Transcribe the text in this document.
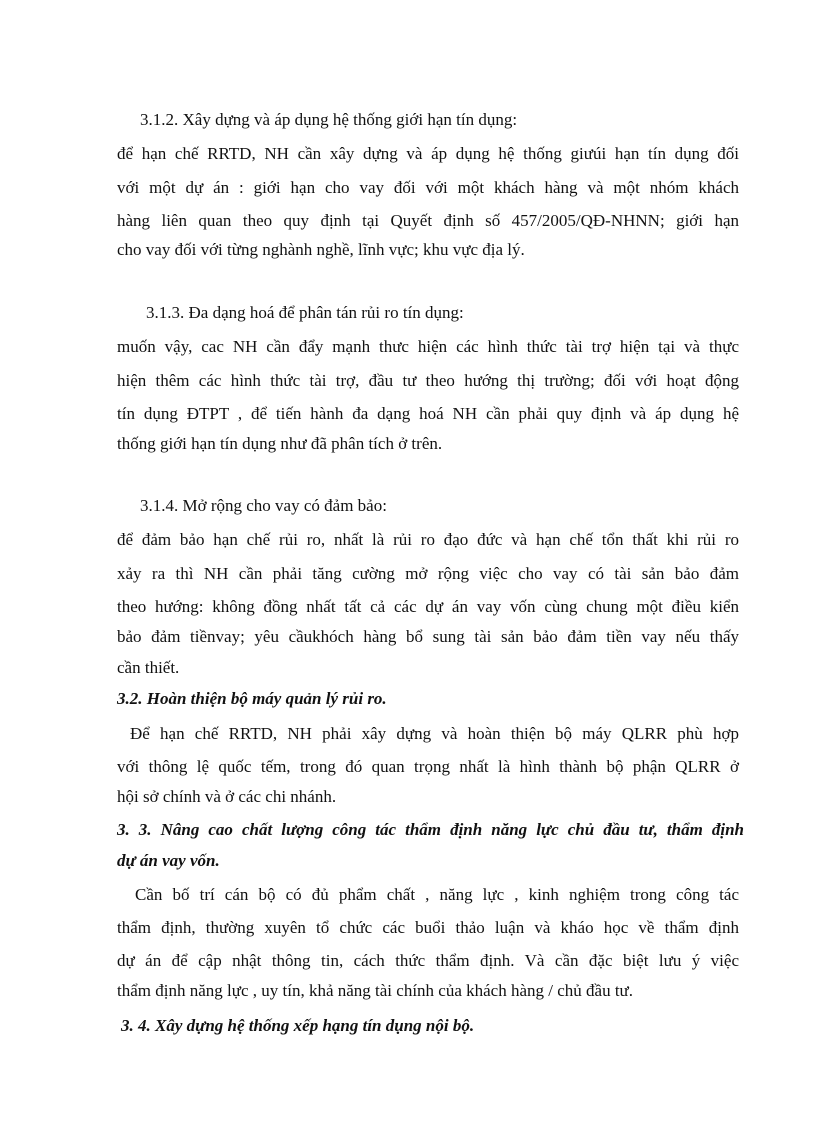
3.1.2. Xây dựng và áp dụng hệ thống giới hạn tín dụng:
để hạn chế RRTD, NH cần xây dựng và áp dụng hệ thống giưúi hạn tín dụng đối
với một dự án : giới hạn cho vay đối với một khách hàng và một nhóm khách
hàng liên quan theo quy định tại Quyết định số 457/2005/QĐ-NHNN; giới hạn
cho vay đối với từng nghành nghề, lĩnh vực; khu vực địa lý.
3.1.3. Đa dạng hoá để phân tán rủi ro tín dụng:
muốn vậy, cac NH cần đẩy mạnh thưc hiện các hình thức tài trợ hiện tại và thực
hiện thêm các hình thức tài trợ, đầu tư theo hướng thị trường; đối với hoạt động
tín dụng ĐTPT , để tiến hành đa dạng hoá NH cần phải quy định và áp dụng hệ
thống giới hạn tín dụng như đã phân tích ở trên.
3.1.4. Mở rộng cho vay có đảm bảo:
để đảm bảo hạn chế rủi ro, nhất là rủi ro đạo đức và hạn chế tổn thất khi rủi ro
xảy ra thì NH cần phải tăng cường mở rộng việc cho vay có tài sản bảo đảm
theo hướng: không đồng nhất tất cả các dự án vay vốn cùng chung một điều kiển
bảo đảm tiềnvay; yêu cầukhóch hàng bổ sung tài sản bảo đảm tiền vay nếu thấy
cần thiết.
3.2. Hoàn thiện bộ máy quản lý rủi ro.
Để hạn chế RRTD, NH phải xây dựng và hoàn thiện bộ máy QLRR phù hợp
với thông lệ quốc tếm, trong đó quan trọng nhất là hình thành bộ phận QLRR ở
hội sở chính và ở các chi nhánh.
3. 3. Nâng cao chất lượng công tác thẩm định năng lực chủ đầu tư, thẩm định
dự án vay vốn.
Cần bố trí cán bộ có đủ phẩm chất , năng lực , kinh nghiệm trong công tác
thẩm định, thường xuyên tổ chức các buổi thảo luận và kháo học về thẩm định
dự án để cập nhật thông tin, cách thức thẩm định. Và cần đặc biệt lưu ý việc
thẩm định năng lực , uy tín, khả năng tài chính của khách hàng / chủ đầu tư.
3. 4. Xây dựng hệ thống xếp hạng tín dụng nội bộ.
